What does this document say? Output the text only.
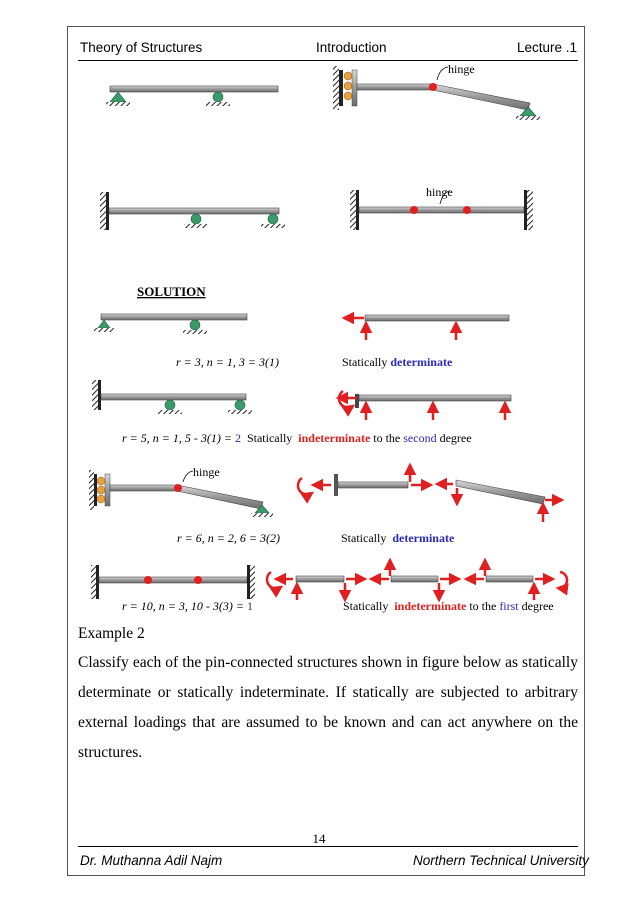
Theory of Structures	Introduction	Lecture .1
hinge
hinge
SOLUTION
r = 3, n = 1, 3 = 3(1)	Statically determinate
r = 5, n = 1, 5 - 3(1) = 2  Statically  indeterminate to the second degree
hinge
r = 6, n = 2, 6 = 3(2)	Statically  determinate
r = 10, n = 3, 10 - 3(3) = 1	Statically  indeterminate to the first degree
Example 2
Classify each of the pin-connected structures shown in figure below as statically determinate or statically indeterminate. If statically are subjected to arbitrary external loadings that are assumed to be known and can act anywhere on the structures.
14
Dr. Muthanna Adil Najm	Northern Technical University
